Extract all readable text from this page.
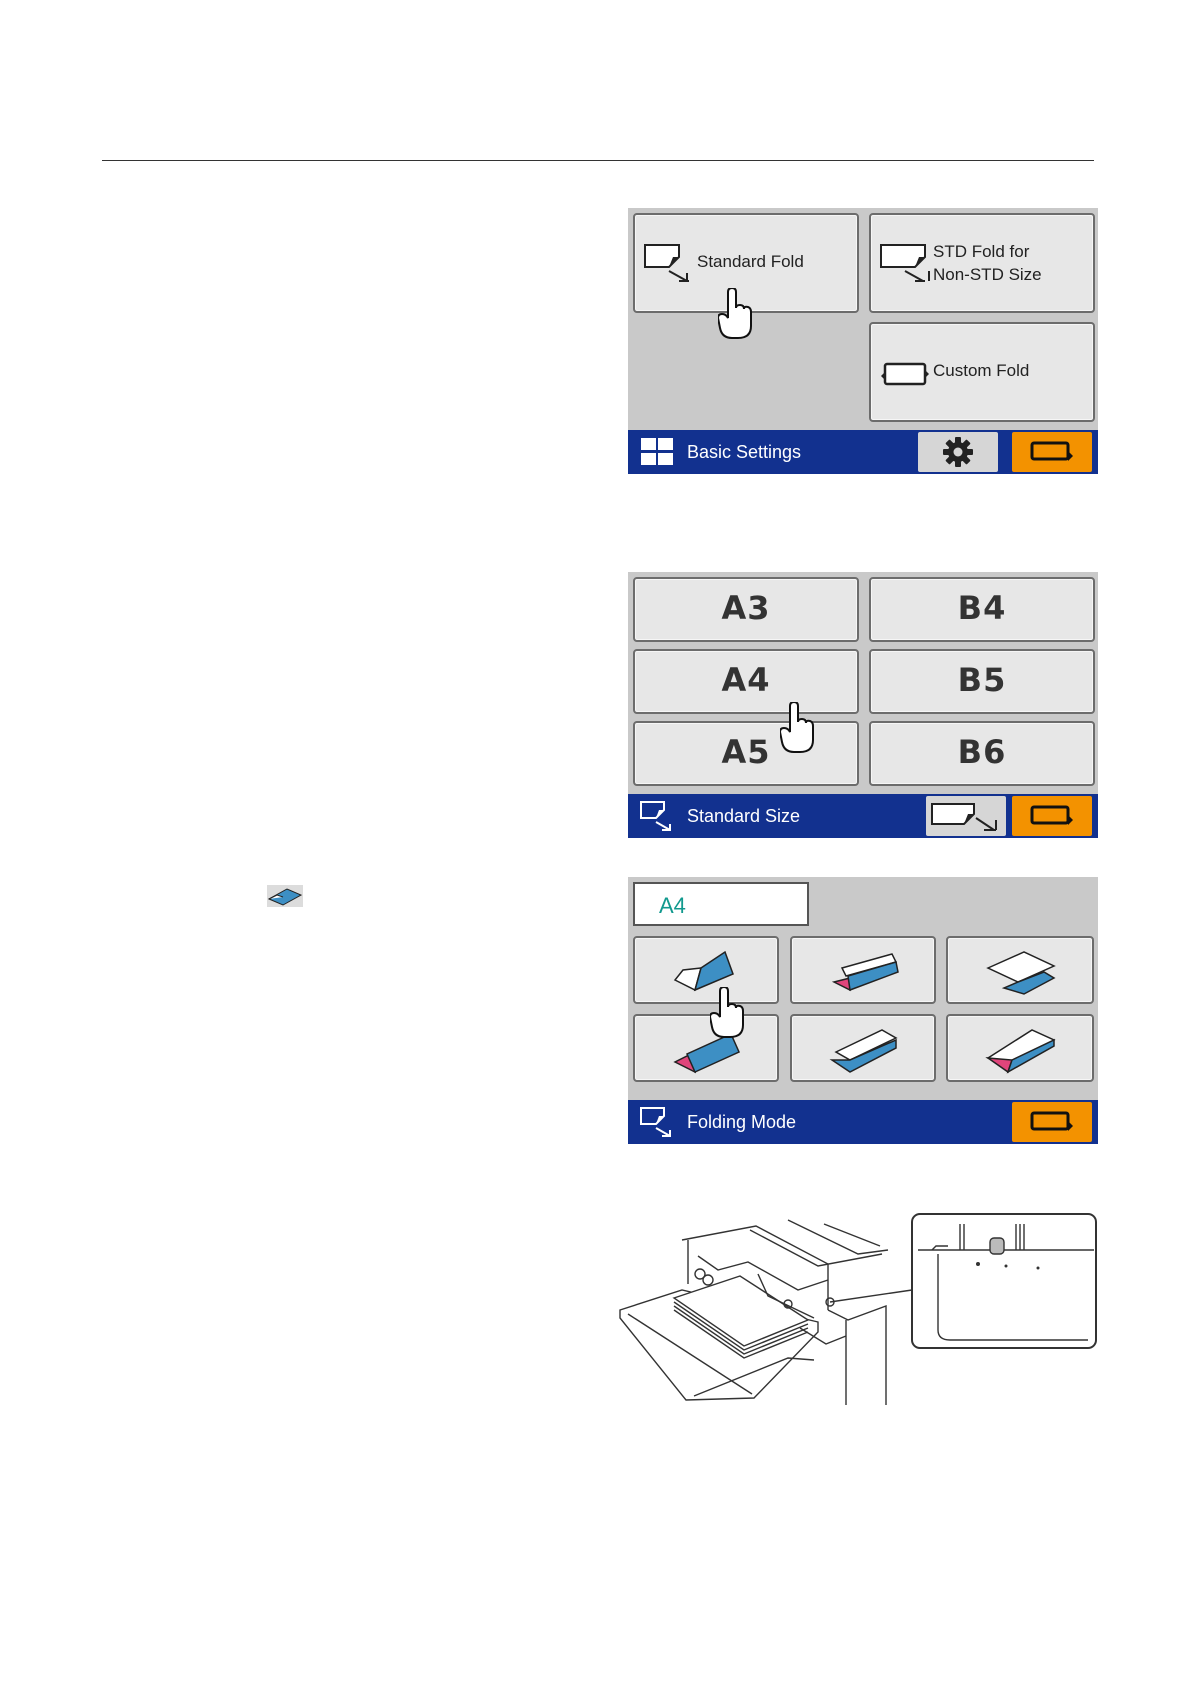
Standard Fold
STD Fold for
Non-STD Size
Custom Fold
Basic Settings
A3	B4
A4	B5
A5	B6
Standard Size
A4
Folding Mode
